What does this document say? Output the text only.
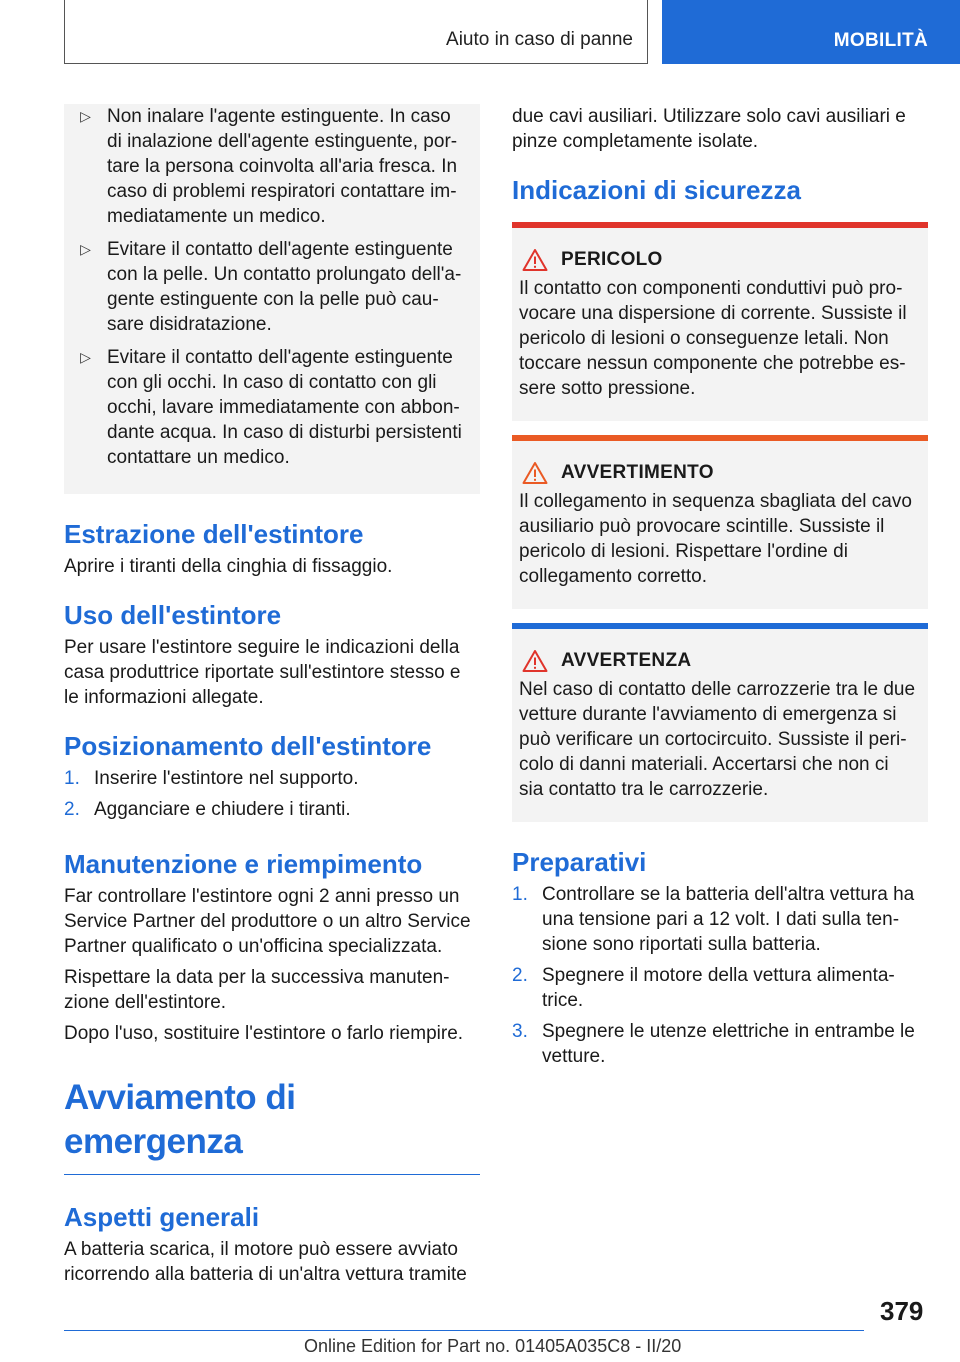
Aiuto in caso di panne	MOBILITÀ
▷ Non inalare l'agente estinguente. In caso di inalazione dell'agente estinguente, portare la persona coinvolta all'aria fresca. In caso di problemi respiratori contattare immediatamente un medico.
▷ Evitare il contatto dell'agente estinguente con la pelle. Un contatto prolungato dell'agente estinguente con la pelle può causare disidratazione.
▷ Evitare il contatto dell'agente estinguente con gli occhi. In caso di contatto con gli occhi, lavare immediatamente con abbondante acqua. In caso di disturbi persistenti contattare un medico.
Estrazione dell'estintore
Aprire i tiranti della cinghia di fissaggio.
Uso dell'estintore
Per usare l'estintore seguire le indicazioni della casa produttrice riportate sull'estintore stesso e le informazioni allegate.
Posizionamento dell'estintore
1. Inserire l'estintore nel supporto.
2. Agganciare e chiudere i tiranti.
Manutenzione e riempimento
Far controllare l'estintore ogni 2 anni presso un Service Partner del produttore o un altro Service Partner qualificato o un'officina specializzata.
Rispettare la data per la successiva manutenzione dell'estintore.
Dopo l'uso, sostituire l'estintore o farlo riempire.
Avviamento di emergenza
Aspetti generali
A batteria scarica, il motore può essere avviato ricorrendo alla batteria di un'altra vettura tramite
due cavi ausiliari. Utilizzare solo cavi ausiliari e pinze completamente isolate.
Indicazioni di sicurezza
PERICOLO
Il contatto con componenti conduttivi può provocare una dispersione di corrente. Sussiste il pericolo di lesioni o conseguenze letali. Non toccare nessun componente che potrebbe essere sotto pressione.
AVVERTIMENTO
Il collegamento in sequenza sbagliata del cavo ausiliario può provocare scintille. Sussiste il pericolo di lesioni. Rispettare l'ordine di collegamento corretto.
AVVERTENZA
Nel caso di contatto delle carrozzerie tra le due vetture durante l'avviamento di emergenza si può verificare un cortocircuito. Sussiste il pericolo di danni materiali. Accertarsi che non ci sia contatto tra le carrozzerie.
Preparativi
1. Controllare se la batteria dell'altra vettura ha una tensione pari a 12 volt. I dati sulla tensione sono riportati sulla batteria.
2. Spegnere il motore della vettura alimentatrice.
3. Spegnere le utenze elettriche in entrambe le vetture.
379
Online Edition for Part no. 01405A035C8 - II/20
